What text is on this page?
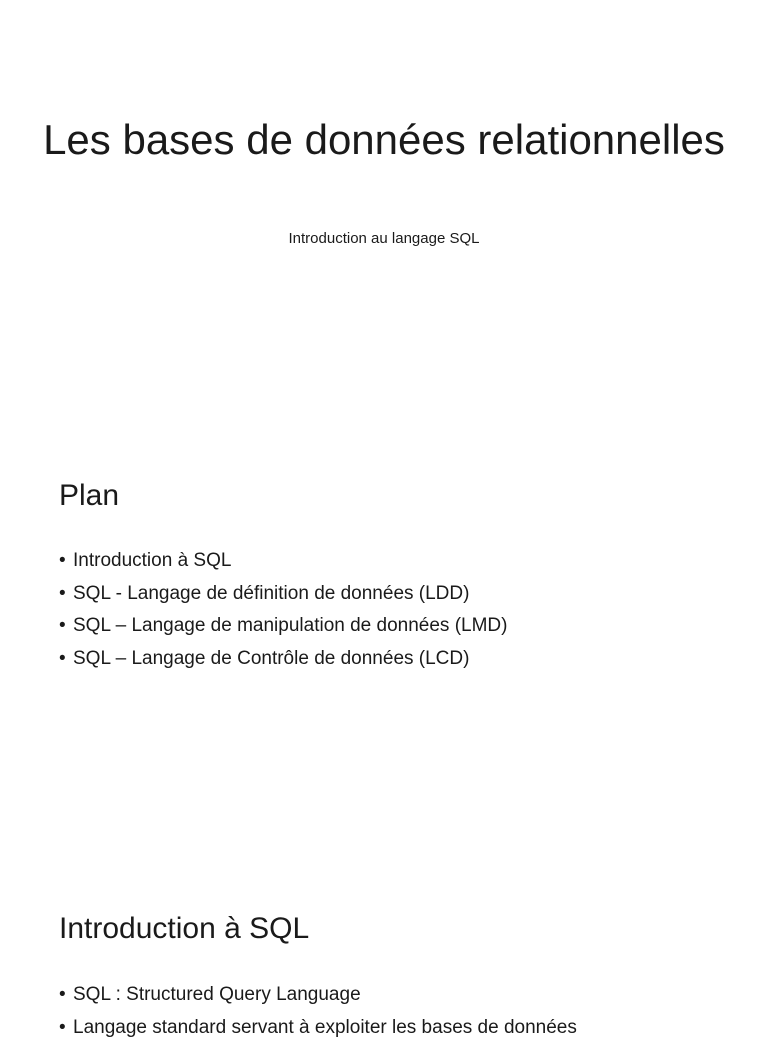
Les bases de données relationnelles
Introduction au langage SQL
Plan
• Introduction à SQL
• SQL - Langage de définition de données (LDD)
• SQL – Langage de manipulation de données (LMD)
• SQL – Langage de Contrôle de données (LCD)
Introduction à SQL
• SQL : Structured Query Language
• Langage standard servant à exploiter les bases de données
